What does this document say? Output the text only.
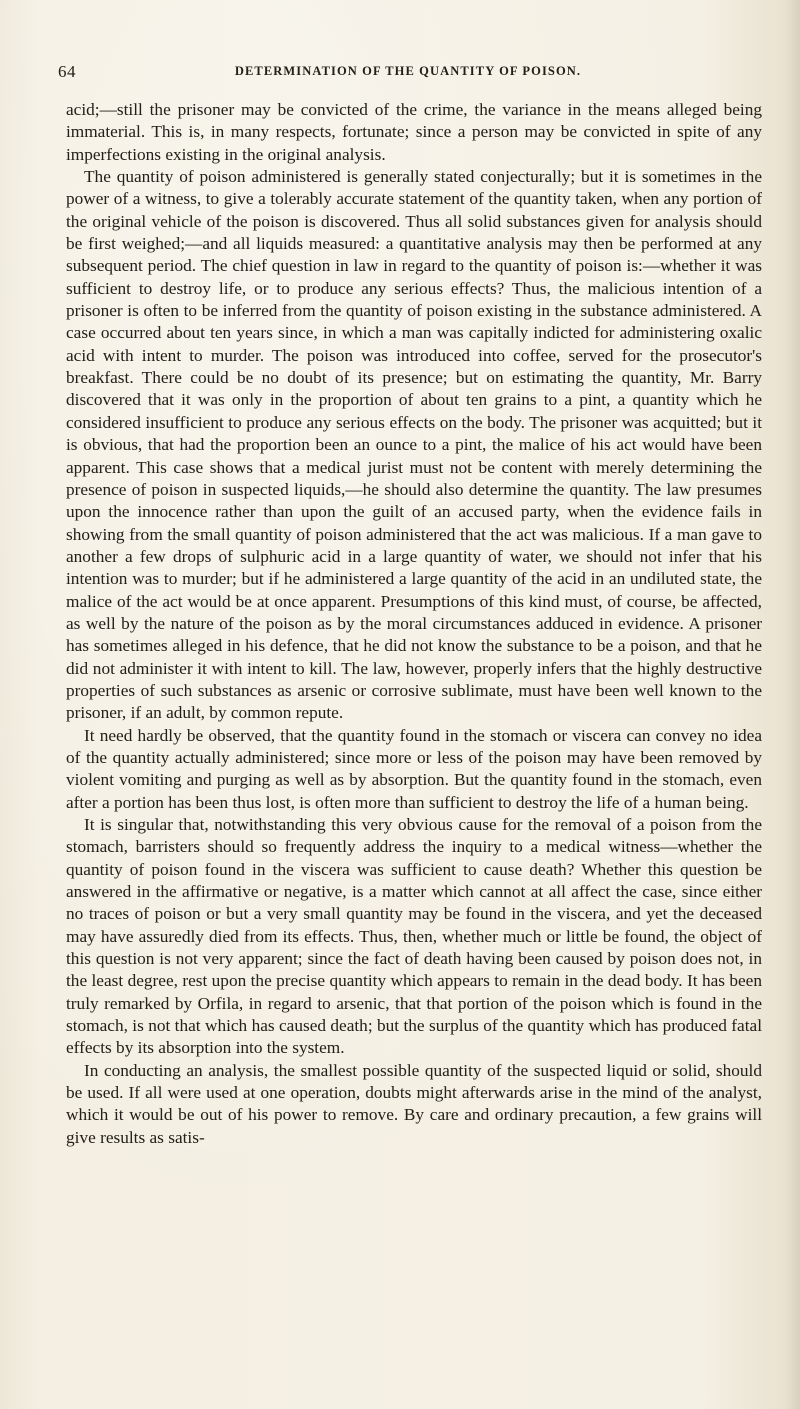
64	DETERMINATION OF THE QUANTITY OF POISON.

acid;—still the prisoner may be convicted of the crime, the variance in the means alleged being immaterial. This is, in many respects, fortunate; since a person may be convicted in spite of any imperfections existing in the original analysis.

The quantity of poison administered is generally stated conjecturally; but it is sometimes in the power of a witness, to give a tolerably accurate statement of the quantity taken, when any portion of the original vehicle of the poison is discovered. Thus all solid substances given for analysis should be first weighed;—and all liquids measured: a quantitative analysis may then be performed at any subsequent period. The chief question in law in regard to the quantity of poison is:—whether it was sufficient to destroy life, or to produce any serious effects? Thus, the malicious intention of a prisoner is often to be inferred from the quantity of poison existing in the substance administered. A case occurred about ten years since, in which a man was capitally indicted for administering oxalic acid with intent to murder. The poison was introduced into coffee, served for the prosecutor's breakfast. There could be no doubt of its presence; but on estimating the quantity, Mr. Barry discovered that it was only in the proportion of about ten grains to a pint, a quantity which he considered insufficient to produce any serious effects on the body. The prisoner was acquitted; but it is obvious, that had the proportion been an ounce to a pint, the malice of his act would have been apparent. This case shows that a medical jurist must not be content with merely determining the presence of poison in suspected liquids,—he should also determine the quantity. The law presumes upon the innocence rather than upon the guilt of an accused party, when the evidence fails in showing from the small quantity of poison administered that the act was malicious. If a man gave to another a few drops of sulphuric acid in a large quantity of water, we should not infer that his intention was to murder; but if he administered a large quantity of the acid in an undiluted state, the malice of the act would be at once apparent. Presumptions of this kind must, of course, be affected, as well by the nature of the poison as by the moral circumstances adduced in evidence. A prisoner has sometimes alleged in his defence, that he did not know the substance to be a poison, and that he did not administer it with intent to kill. The law, however, properly infers that the highly destructive properties of such substances as arsenic or corrosive sublimate, must have been well known to the prisoner, if an adult, by common repute.

It need hardly be observed, that the quantity found in the stomach or viscera can convey no idea of the quantity actually administered; since more or less of the poison may have been removed by violent vomiting and purging as well as by absorption. But the quantity found in the stomach, even after a portion has been thus lost, is often more than sufficient to destroy the life of a human being.

It is singular that, notwithstanding this very obvious cause for the removal of a poison from the stomach, barristers should so frequently address the inquiry to a medical witness—whether the quantity of poison found in the viscera was sufficient to cause death? Whether this question be answered in the affirmative or negative, is a matter which cannot at all affect the case, since either no traces of poison or but a very small quantity may be found in the viscera, and yet the deceased may have assuredly died from its effects. Thus, then, whether much or little be found, the object of this question is not very apparent; since the fact of death having been caused by poison does not, in the least degree, rest upon the precise quantity which appears to remain in the dead body. It has been truly remarked by Orfila, in regard to arsenic, that that portion of the poison which is found in the stomach, is not that which has caused death; but the surplus of the quantity which has produced fatal effects by its absorption into the system.

In conducting an analysis, the smallest possible quantity of the suspected liquid or solid, should be used. If all were used at one operation, doubts might afterwards arise in the mind of the analyst, which it would be out of his power to remove. By care and ordinary precaution, a few grains will give results as satis-
